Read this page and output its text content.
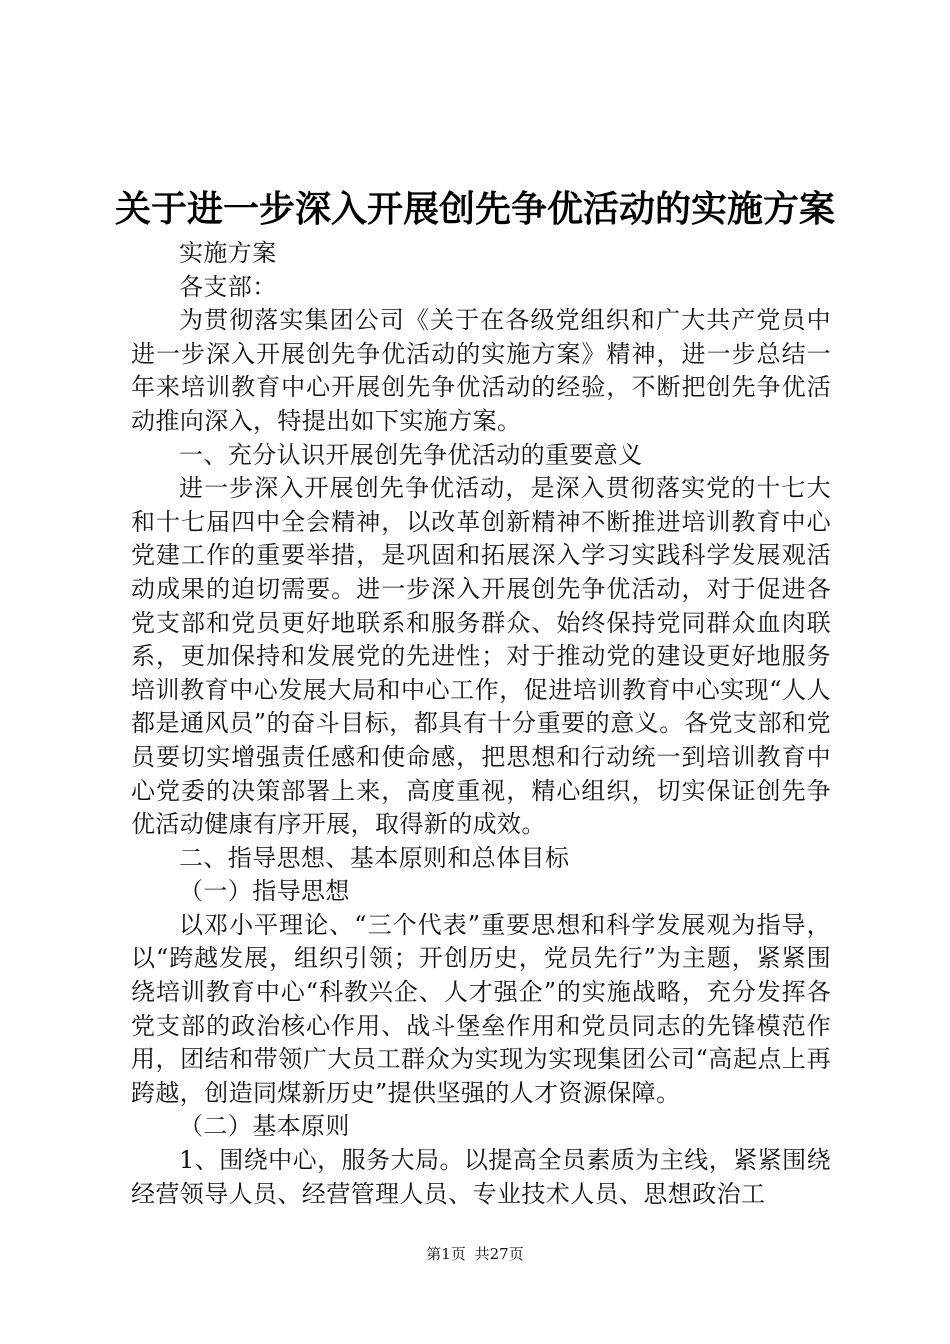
关于进一步深入开展创先争优活动的实施方案

实施方案

各支部：

为贯彻落实集团公司《关于在各级党组织和广大共产党员中进一步深入开展创先争优活动的实施方案》精神，进一步总结一年来培训教育中心开展创先争优活动的经验，不断把创先争优活动推向深入，特提出如下实施方案。

一、充分认识开展创先争优活动的重要意义

进一步深入开展创先争优活动，是深入贯彻落实党的十七大和十七届四中全会精神，以改革创新精神不断推进培训教育中心党建工作的重要举措，是巩固和拓展深入学习实践科学发展观活动成果的迫切需要。进一步深入开展创先争优活动，对于促进各党支部和党员更好地联系和服务群众、始终保持党同群众血肉联系，更加保持和发展党的先进性；对于推动党的建设更好地服务培训教育中心发展大局和中心工作，促进培训教育中心实现“人人都是通风员”的奋斗目标，都具有十分重要的意义。各党支部和党员要切实增强责任感和使命感，把思想和行动统一到培训教育中心党委的决策部署上来，高度重视，精心组织，切实保证创先争优活动健康有序开展，取得新的成效。

二、指导思想、基本原则和总体目标

（一）指导思想

以邓小平理论、“三个代表”重要思想和科学发展观为指导，以“跨越发展，组织引领；开创历史，党员先行”为主题，紧紧围绕培训教育中心“科教兴企、人才强企”的实施战略，充分发挥各党支部的政治核心作用、战斗堡垒作用和党员同志的先锋模范作用，团结和带领广大员工群众为实现为实现集团公司“高起点上再跨越，创造同煤新历史”提供坚强的人才资源保障。

（二）基本原则

1、围绕中心，服务大局。以提高全员素质为主线，紧紧围绕经营领导人员、经营管理人员、专业技术人员、思想政治工

第1页 共27页
